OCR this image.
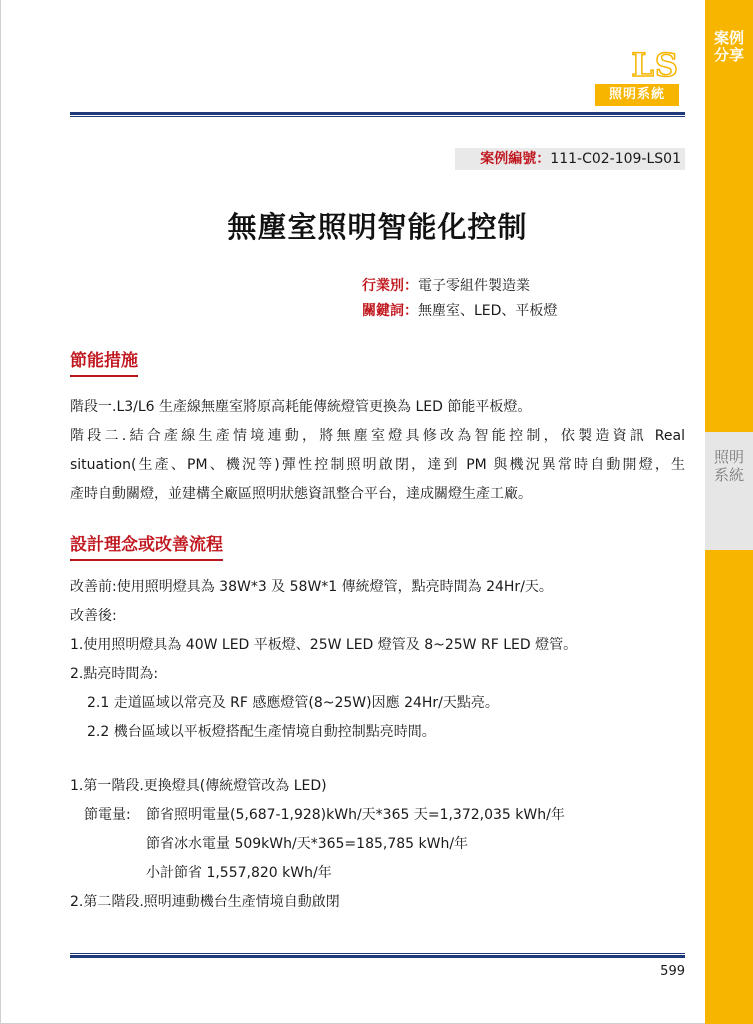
案例分享
照明系統
LS
照明系統
案例編號：111-C02-109-LS01
無塵室照明智能化控制
行業別：電子零組件製造業
關鍵詞：無塵室、LED、平板燈
節能措施
階段一.L3/L6 生產線無塵室將原高耗能傳統燈管更換為 LED 節能平板燈。
階段二.結合產線生產情境連動，將無塵室燈具修改為智能控制，依製造資訊 Real
situation(生產、PM、機況等)彈性控制照明啟閉，達到 PM 與機況異常時自動開燈，生
產時自動關燈，並建構全廠區照明狀態資訊整合平台，達成關燈生產工廠。
設計理念或改善流程
改善前:使用照明燈具為 38W*3 及 58W*1 傳統燈管，點亮時間為 24Hr/天。
改善後:
1.使用照明燈具為 40W LED 平板燈、25W LED 燈管及 8~25W RF LED 燈管。
2.點亮時間為:
2.1 走道區域以常亮及 RF 感應燈管(8~25W)因應 24Hr/天點亮。
2.2 機台區域以平板燈搭配生產情境自動控制點亮時間。
1.第一階段.更換燈具(傳統燈管改為 LED)
節電量: 節省照明電量(5,687-1,928)kWh/天*365 天=1,372,035 kWh/年
節省冰水電量 509kWh/天*365=185,785 kWh/年
小計節省 1,557,820 kWh/年
2.第二階段.照明連動機台生產情境自動啟閉
599
